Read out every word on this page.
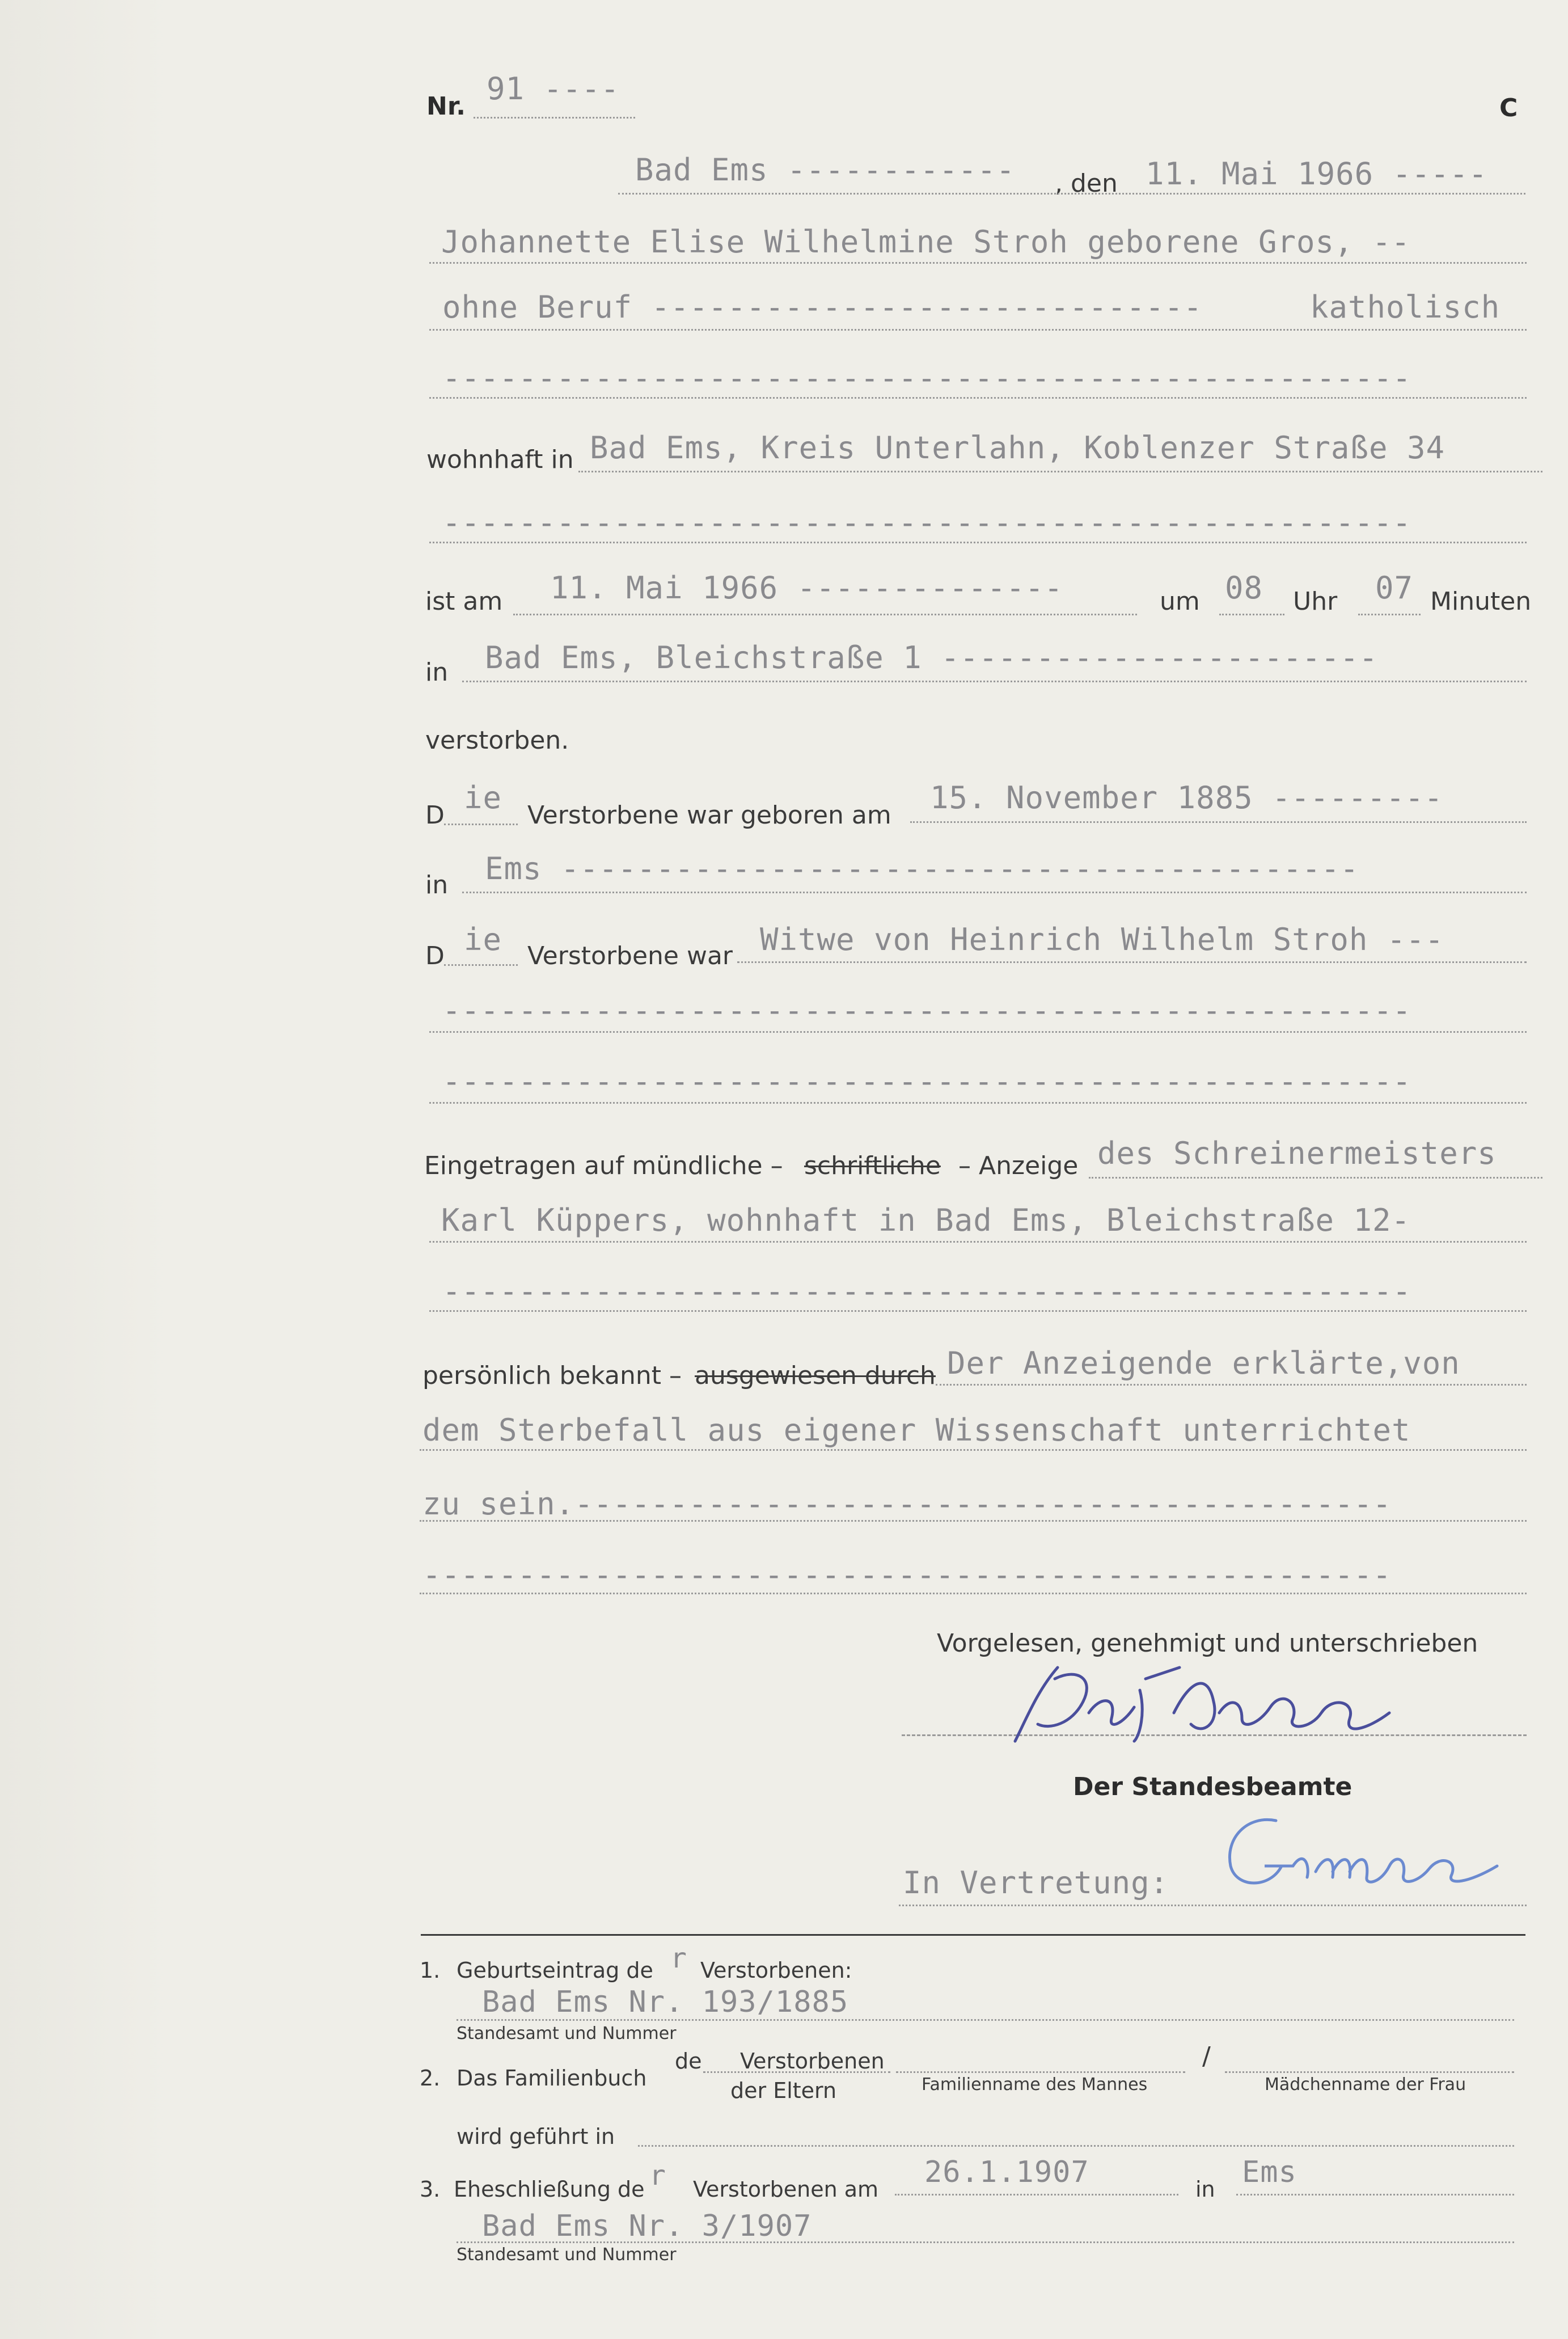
Nr. 91 ----
C
Bad Ems ------------ , den 11. Mai 1966 -----
Johannette Elise Wilhelmine Stroh geborene Gros, --
ohne Beruf -----------------------------	katholisch
---------------------------------------------------
wohnhaft in Bad Ems, Kreis Unterlahn, Koblenzer Straße 34
---------------------------------------------------
ist am 11. Mai 1966 --------------	um 08 Uhr 07 Minuten
in Bad Ems, Bleichstraße 1 -----------------------
verstorben.
D ie Verstorbene war geboren am 15. November 1885 ---------
in Ems ------------------------------------------
D ie Verstorbene war Witwe von Heinrich Wilhelm Stroh ---
---------------------------------------------------
---------------------------------------------------
Eingetragen auf mündliche – schriftliche – Anzeige des Schreinermeisters
Karl Küppers, wohnhaft in Bad Ems, Bleichstraße 12-
---------------------------------------------------
persönlich bekannt – ausgewiesen durch Der Anzeigende erklärte,von
dem Sterbefall aus eigener Wissenschaft unterrichtet
zu sein.-------------------------------------------
---------------------------------------------------
Vorgelesen, genehmigt und unterschrieben
Der Standesbeamte
In Vertretung:
1. Geburtseintrag de r Verstorbenen:
Bad Ems Nr. 193/1885
Standesamt und Nummer
2. Das Familienbuch
de Verstorbenen
der Eltern
/
Familienname des Mannes	Mädchenname der Frau
wird geführt in
3. Eheschließung de r Verstorbenen am 26.1.1907	in Ems
Bad Ems Nr. 3/1907
Standesamt und Nummer
